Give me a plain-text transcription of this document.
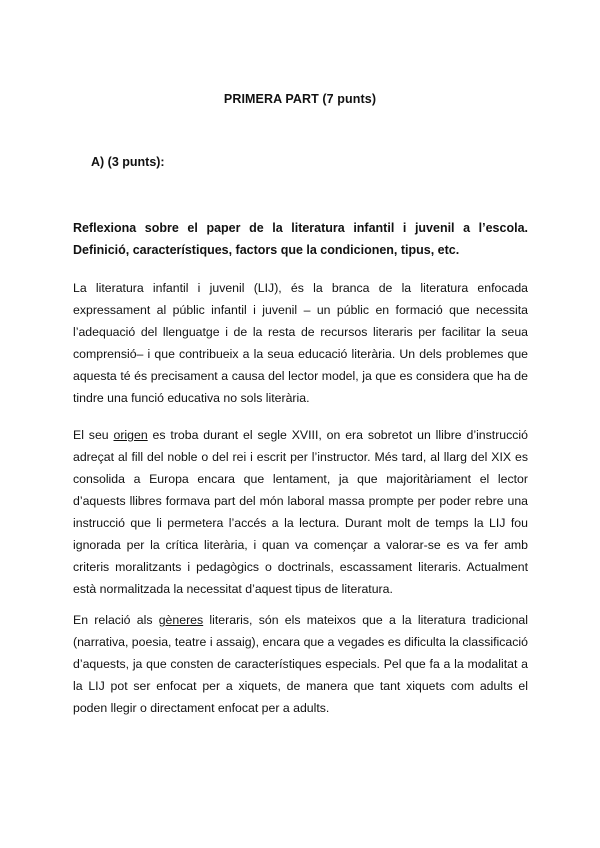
PRIMERA PART (7 punts)
A) (3 punts):
Reflexiona sobre el paper de la literatura infantil i juvenil a l’escola. Definició, característiques, factors que la condicionen, tipus, etc.

La literatura infantil i juvenil (LIJ), és la branca de la literatura enfocada expressament al públic infantil i juvenil – un públic en formació que necessita l’adequació del llenguatge i de la resta de recursos literaris per facilitar la seua comprensió– i que contribueix a la seua educació literària. Un dels problemes que aquesta té és precisament a causa del lector model, ja que es considera que ha de tindre una funció educativa no sols literària.

El seu origen es troba durant el segle XVIII, on era sobretot un llibre d’instrucció adreçat al fill del noble o del rei i escrit per l’instructor. Més tard, al llarg del XIX es consolida a Europa encara que lentament, ja que majoritàriament el lector d’aquests llibres formava part del món laboral massa prompte per poder rebre una instrucció que li permetera l’accés a la lectura. Durant molt de temps la LIJ fou ignorada per la crítica literària, i quan va començar a valorar-se es va fer amb criteris moralitzants i pedagògics o doctrinals, escassament literaris. Actualment està normalitzada la necessitat d’aquest tipus de literatura.

En relació als gèneres literaris, són els mateixos que a la literatura tradicional (narrativa, poesia, teatre i assaig), encara que a vegades es dificulta la classificació d’aquests, ja que consten de característiques especials. Pel que fa a la modalitat a la LIJ pot ser enfocat per a xiquets, de manera que tant xiquets com adults el poden llegir o directament enfocat per a adults.
